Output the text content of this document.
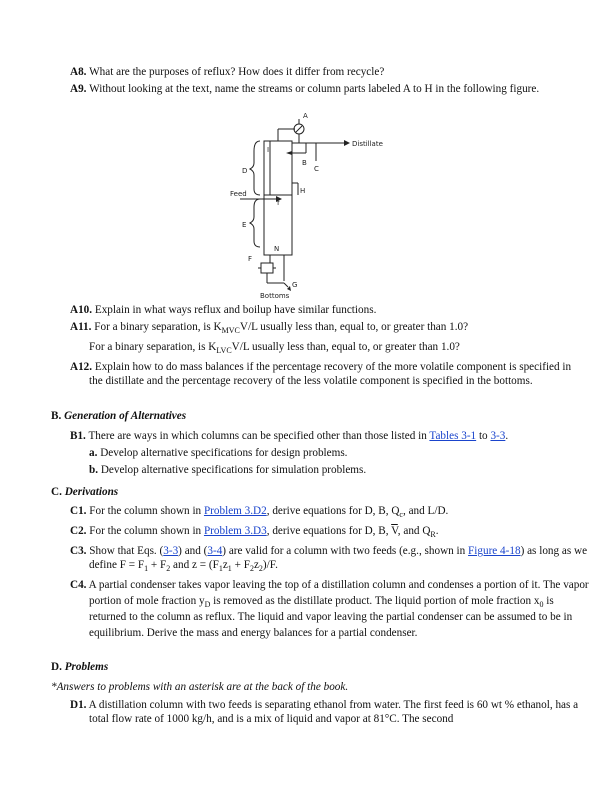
A8. What are the purposes of reflux? How does it differ from recycle?
A9. Without looking at the text, name the streams or column parts labeled A to H in the following figure.
A
I
Distillate
B
C
D
H
Feed
f
E
N
F
G
Bottoms
A10. Explain in what ways reflux and boilup have similar functions.
A11. For a binary separation, is $K_{MVC}V/L$ usually less than, equal to, or greater than 1.0?
For a binary separation, is $K_{LVC}V/L$ usually less than, equal to, or greater than 1.0?
A12. Explain how to do mass balances if the percentage recovery of the more volatile component is specified in the distillate and the percentage recovery of the less volatile component is specified in the bottoms.
B. Generation of Alternatives
B1. There are ways in which columns can be specified other than those listed in Tables 3-1 to 3-3.
a. Develop alternative specifications for design problems.
b. Develop alternative specifications for simulation problems.
C. Derivations
C1. For the column shown in Problem 3.D2, derive equations for D, B, $Q_c$, and L/D.
C2. For the column shown in Problem 3.D3, derive equations for D, B, $\overline{V}$, and $Q_R$.
C3. Show that Eqs. (3-3) and (3-4) are valid for a column with two feeds (e.g., shown in Figure 4-18) as long as we define $F = F_1 + F_2$ and $z = (F_1z_1 + F_2z_2)/F$.
C4. A partial condenser takes vapor leaving the top of a distillation column and condenses a portion of it. The vapor portion of mole fraction $y_D$ is removed as the distillate product. The liquid portion of mole fraction $x_0$ is returned to the column as reflux. The liquid and vapor leaving the partial condenser can be assumed to be in equilibrium. Derive the mass and energy balances for a partial condenser.
D. Problems
*Answers to problems with an asterisk are at the back of the book.
D1. A distillation column with two feeds is separating ethanol from water. The first feed is 60 wt % ethanol, has a total flow rate of 1000 kg/h, and is a mix of liquid and vapor at 81°C. The second
